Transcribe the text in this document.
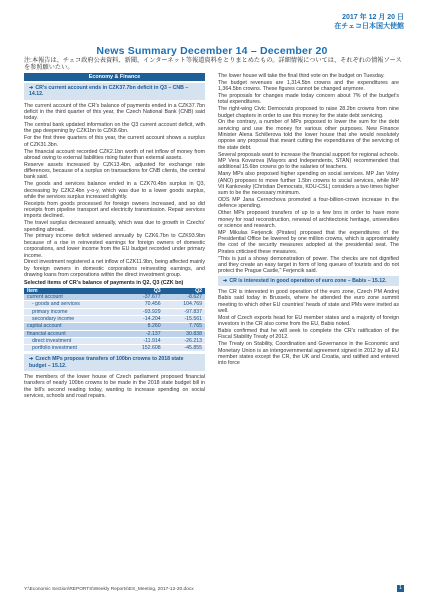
2017 年 12 月 20 日
在チェコ日本国大使館
News Summary December 14 – December 20
注:本報告は、チェコ政府公表資料、新聞、インターネット等報道資料をとりまとめたもの。詳細情報については、それぞれの情報ソースを参照願いたい。
Economy & Finance
➔ CR's current account ends in CZK37.7bn deficit in Q3 – CNB – 14.12.

The current account of the CR's balance of payments ended in a CZK37.7bn deficit in the third quarter of this year, the Czech National Bank (CNB) said today.

The central bank updated information on the Q3 current account deficit, with the gap deepening by CZK1bn to CZK8.6bn.

For the first three quarters of this year, the current account shows a surplus of CZK31.3bn.

The financial account recorded CZK2.1bn worth of net inflow of money from abroad owing to external liabilities rising faster than external assets.

Reserve assets increased by CZK13.4bn, adjusted for exchange rate differences, because of a surplus on transactions for CNB clients, the central bank said.

The goods and services balance ended in a CZK70.4bn surplus in Q3, decreasing by CZK2.4bn y-o-y, which was due to a lower goods surplus, while the services surplus increased slightly.

Receipts from goods processed for foreign owners increased, and so did receipts from pipeline transport and electricity transmission. Repair services imports declined.

The travel surplus decreased annually, which was due to growth in Czechs' spending abroad.

The primary income deficit widened annually by CZK6.7bn to CZK93.9bn because of a rise in reinvested earnings for foreign owners of domestic corporations, and lower income from the EU budget recorded under primary income.

Direct investment registered a net inflow of CZK11.9bn, being affected mainly by foreign owners in domestic corporations reinvesting earnings, and drawing loans from corporations within the direct investment group.

Selected items of CR's balance of payments in Q2, Q3 (CZK bn)
Item	Q3	Q2
current account	-37.677	-8.627
- goods and services	70.456	104.769
primary income	-93.929	-97.837
secondary income	-14.204	-15.561
capital account	8.260	7.765
financial account	-2.137	30.838
direct investment	-11.914	-26.213
portfolio investment	152.608	-45.855
➔ Czech MPs propose transfers of 100bn crowns to 2018 state budget – 15.12.

The members of the lower house of Czech parliament proposed financial transfers of nearly 100bn crowns to be made in the 2018 state budget bill in the bill's second reading today, wanting to increase spending on social services, schools and road repairs.

The lower house will take the final third vote on the budget on Tuesday.

The budget revenues are 1,314.5bn crowns and the expenditures are 1,364.5bn crowns. These figures cannot be changed anymore.

The proposals for changes made today concern about 7% of the budget's total expenditures.

The right-wing Civic Democrats proposed to raise 28.2bn crowns from nine budget chapters in order to use this money for the state debt servicing.

On the contrary, a number of MPs proposed to lower the sum for the debt servicing and use the money for various other purposes. New Finance Minister Alena Schillerova told the lower house that she would resolutely oppose any proposal that meant cutting the expenditures of the servicing of the state debt.

Several proposals want to increase the financial support for regional schools. MP Vera Kovarova (Mayors and Independents, STAN) recommended that additional 15.6bn crowns go to the salaries of teachers.

Many MPs also proposed higher spending on social services. MP Jan Volny (ANO) proposes to move further 1.5bn crowns to social services, while MP Vit Kankovsky (Christian Democrats, KDU-CSL) considers a two times higher sum to be the necessary minimum.

ODS MP Jana Cernochova promoted a four-billion-crown increase in the defence spending.

Other MPs proposed transfers of up to a few bns in order to have more money for road reconstruction, renewal of architectonic heritage, universities or science and research.

MP Mikulas Ferjencik (Pirates) proposed that the expenditures of the Presidential Office be lowered by one million crowns, which is approximately the cost of the security measures adopted at the presidential seat. The Pirates criticised these measures.

"This is just a showy demonstration of power. The checks are not dignified and they create an easy target in form of long queues of tourists and do not protect the Prague Castle," Ferjencik said.

➔ CR is interested in good operation of euro zone – Babis – 15.12.

The CR is interested in good operation of the euro zone, Czech PM Andrej Babis said today in Brussels, where he attended the euro zone summit meeting to which other EU countries' heads of state and PMs were invited as well.

Most of Czech exports head for EU member states and a majority of foreign investors in the CR also come from the EU, Babis noted.

Babis confirmed that he will seek to complete the CR's ratification of the Fiscal Stability Treaty of 2012.

The Treaty on Stability, Coordination and Governance in the Economic and Monetary Union is an intergovernmental agreement signed in 2012 by all EU member states except the CR, the UK and Croatia, and ratified and entered into force

Y:\Economic Section\REPORTS\Weekly Reports\ES_Meeting, 2017-12-20.docx	1
